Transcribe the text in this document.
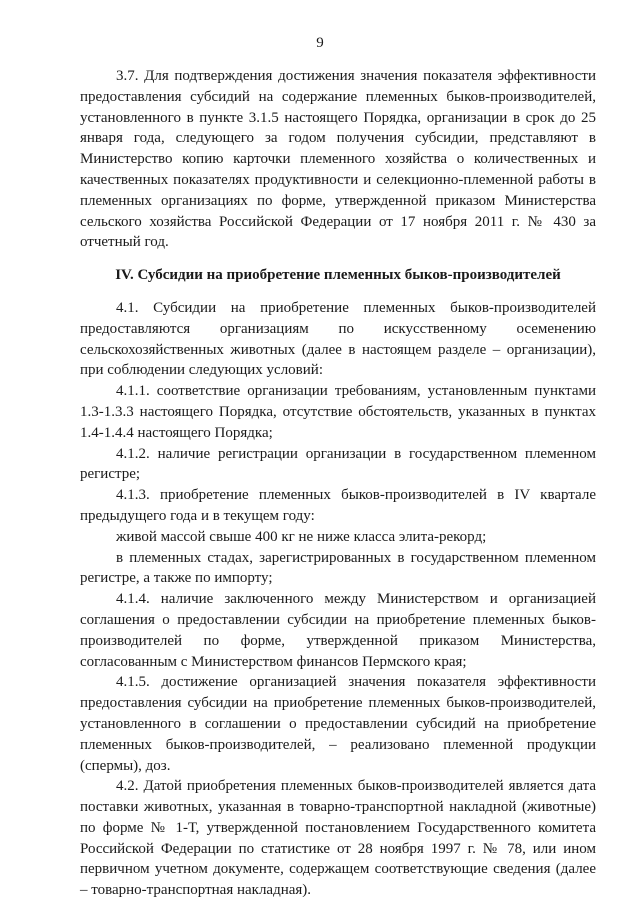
9

3.7. Для подтверждения достижения значения показателя эффективности предоставления субсидий на содержание племенных быков-производителей, установленного в пункте 3.1.5 настоящего Порядка, организации в срок до 25 января года, следующего за годом получения субсидии, представляют в Министерство копию карточки племенного хозяйства о количественных и качественных показателях продуктивности и селекционно-племенной работы в племенных организациях по форме, утвержденной приказом Министерства сельского хозяйства Российской Федерации от 17 ноября 2011 г. № 430 за отчетный год.

IV. Субсидии на приобретение племенных быков-производителей

4.1. Субсидии на приобретение племенных быков-производителей предоставляются организациям по искусственному осеменению сельскохозяйственных животных (далее в настоящем разделе – организации), при соблюдении следующих условий:

4.1.1. соответствие организации требованиям, установленным пунктами 1.3-1.3.3 настоящего Порядка, отсутствие обстоятельств, указанных в пунктах 1.4-1.4.4 настоящего Порядка;

4.1.2. наличие регистрации организации в государственном племенном регистре;

4.1.3. приобретение племенных быков-производителей в IV квартале предыдущего года и в текущем году:

живой массой свыше 400 кг не ниже класса элита-рекорд;

в племенных стадах, зарегистрированных в государственном племенном регистре, а также по импорту;

4.1.4. наличие заключенного между Министерством и организацией соглашения о предоставлении субсидии на приобретение племенных быков-производителей по форме, утвержденной приказом Министерства, согласованным с Министерством финансов Пермского края;

4.1.5. достижение организацией значения показателя эффективности предоставления субсидии на приобретение племенных быков-производителей, установленного в соглашении о предоставлении субсидий на приобретение племенных быков-производителей, – реализовано племенной продукции (спермы), доз.

4.2. Датой приобретения племенных быков-производителей является дата поставки животных, указанная в товарно-транспортной накладной (животные) по форме № 1-Т, утвержденной постановлением Государственного комитета Российской Федерации по статистике от 28 ноября 1997 г. № 78, или ином первичном учетном документе, содержащем соответствующие сведения (далее – товарно-транспортная накладная).
